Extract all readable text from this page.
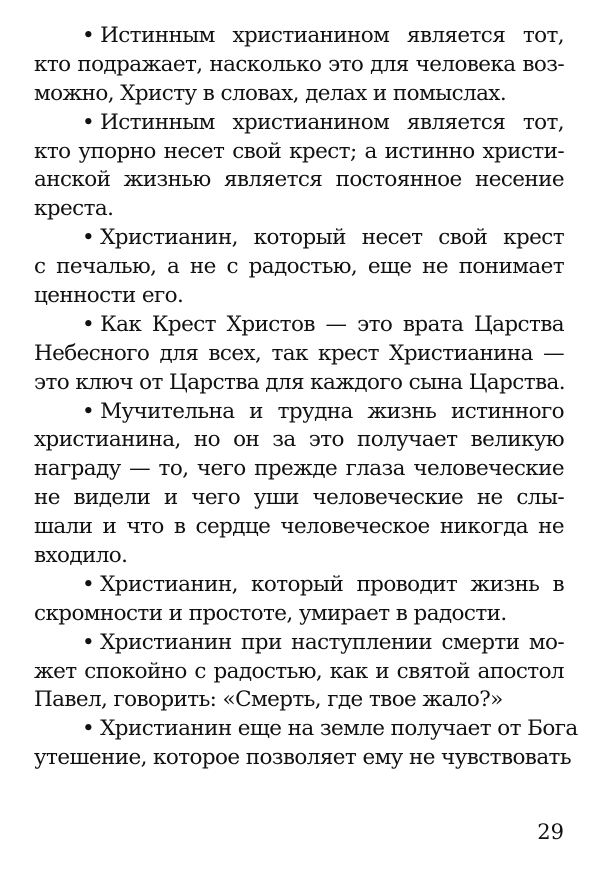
• Истинным христианином является тот,
кто подражает, насколько это для человека воз-
можно, Христу в словах, делах и помыслах.
• Истинным христианином является тот,
кто упорно несет свой крест; а истинно христи-
анской жизнью является постоянное несение
креста.
• Христианин, который несет свой крест
с печалью, а не с радостью, еще не понимает
ценности его.
• Как Крест Христов — это врата Царства
Небесного для всех, так крест Христианина —
это ключ от Царства для каждого сына Царства.
• Мучительна и трудна жизнь истинного
христианина, но он за это получает великую
награду — то, чего прежде глаза человеческие
не видели и чего уши человеческие не слы-
шали и что в сердце человеческое никогда не
входило.
• Христианин, который проводит жизнь в
скромности и простоте, умирает в радости.
• Христианин при наступлении смерти мо-
жет спокойно с радостью, как и святой апостол
Павел, говорить: «Смерть, где твое жало?»
• Христианин еще на земле получает от Бога
утешение, которое позволяет ему не чувствовать
29
